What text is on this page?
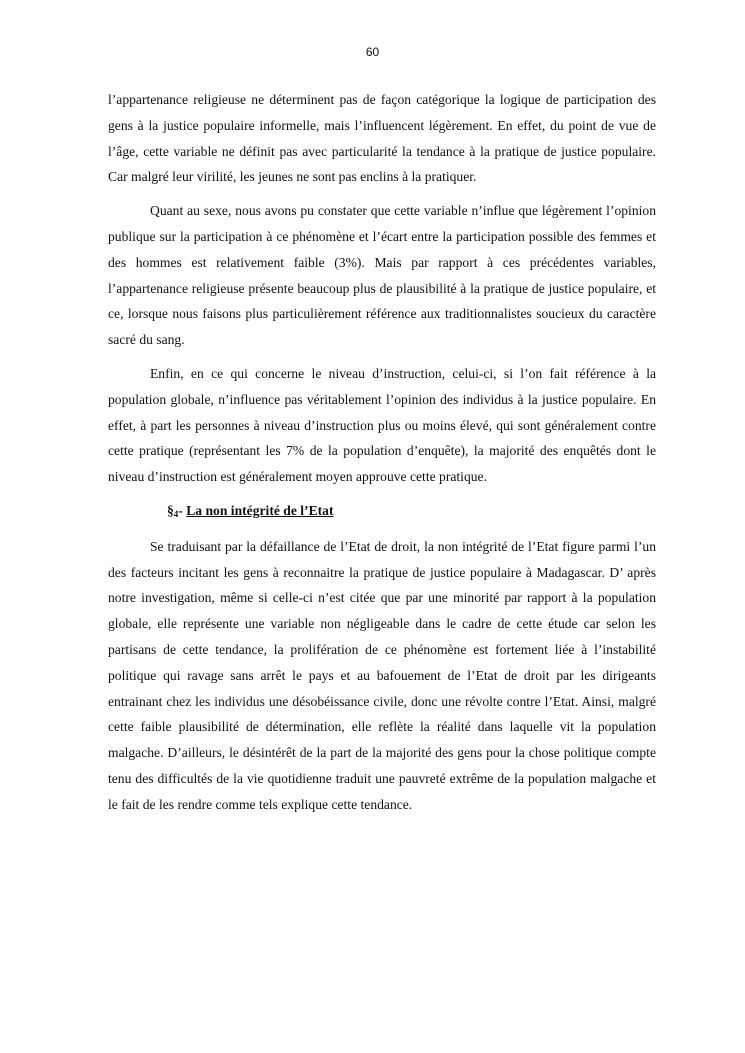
60

l’appartenance religieuse ne déterminent pas de façon catégorique la logique de participation des gens à la justice populaire informelle, mais l’influencent légèrement. En effet, du point de vue de l’âge, cette variable ne définit pas avec particularité la tendance à la pratique de justice populaire. Car malgré leur virilité, les jeunes ne sont pas enclins à la pratiquer.

Quant au sexe, nous avons pu constater que cette variable n’influe que légèrement l’opinion publique sur la participation à ce phénomène et l’écart entre la participation possible des femmes et des hommes est relativement faible (3%). Mais par rapport à ces précédentes variables, l’appartenance religieuse présente beaucoup plus de plausibilité à la pratique de justice populaire, et ce, lorsque nous faisons plus particulièrement référence aux traditionnalistes soucieux du caractère sacré du sang.

Enfin, en ce qui concerne le niveau d’instruction, celui-ci, si l’on fait référence à la population globale, n’influence pas véritablement l’opinion des individus à la justice populaire. En effet, à part les personnes à niveau d’instruction plus ou moins élevé, qui sont généralement contre cette pratique (représentant les 7% de la population d’enquête), la majorité des enquêtés dont le niveau d’instruction est généralement moyen approuve cette pratique.

$\S_4-$ La non intégrité de l’Etat

Se traduisant par la défaillance de l’Etat de droit, la non intégrité de l’Etat figure parmi l’un des facteurs incitant les gens à reconnaitre la pratique de justice populaire à Madagascar. D’ après notre investigation, même si celle-ci n’est citée que par une minorité par rapport à la population globale, elle représente une variable non négligeable dans le cadre de cette étude car selon les partisans de cette tendance, la prolifération de ce phénomène est fortement liée à l’instabilité politique qui ravage sans arrêt le pays et au bafouement de l’Etat de droit par les dirigeants entrainant chez les individus une désobéissance civile, donc une révolte contre l’Etat. Ainsi, malgré cette faible plausibilité de détermination, elle reflète la réalité dans laquelle vit la population malgache. D’ailleurs, le désintérêt de la part de la majorité des gens pour la chose politique compte tenu des difficultés de la vie quotidienne traduit une pauvreté extrême de la population malgache et le fait de les rendre comme tels explique cette tendance.
